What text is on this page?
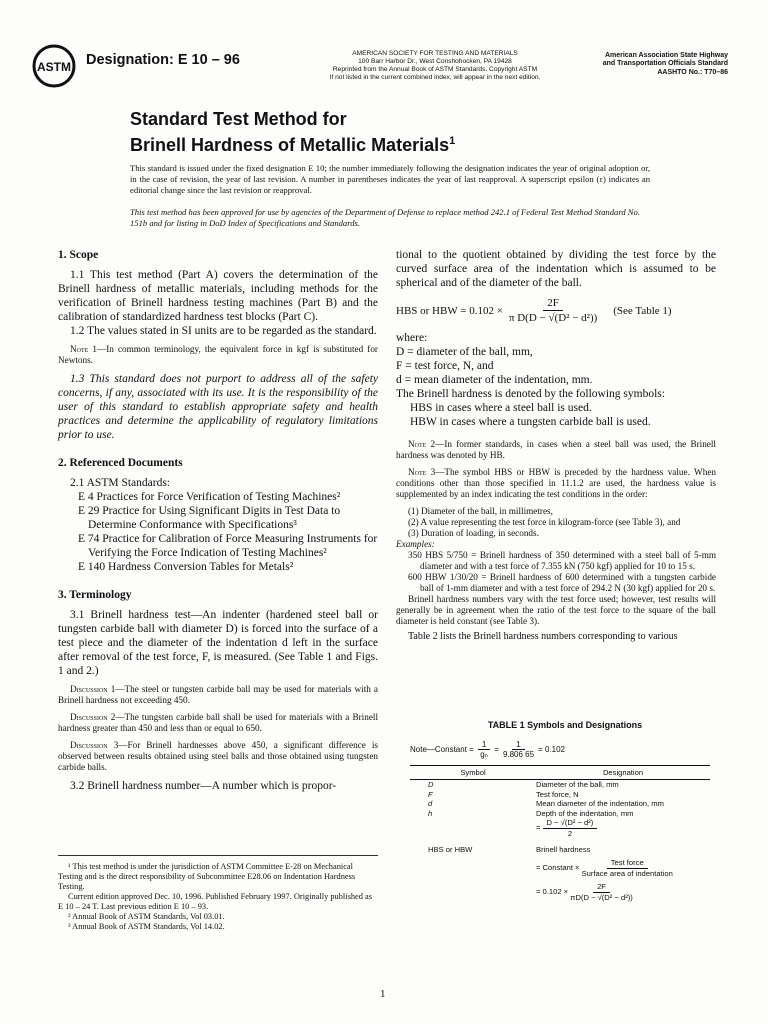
ASTM Designation: E 10 – 96	AMERICAN SOCIETY FOR TESTING AND MATERIALS
100 Barr Harbor Dr., West Conshohocken, PA 19428
Reprinted from the Annual Book of ASTM Standards. Copyright ASTM
If not listed in the current combined index, will appear in the next edition.
American Association State Highway
and Transportation Officials Standard
AASHTO No.: T70–86
Standard Test Method for
Brinell Hardness of Metallic Materials$^1$
This standard is issued under the fixed designation E 10; the number immediately following the designation indicates the year of original adoption or, in the case of revision, the year of last revision. A number in parentheses indicates the year of last reapproval. A superscript epsilon (ε) indicates an editorial change since the last revision or reapproval.
This test method has been approved for use by agencies of the Department of Defense to replace method 242.1 of Federal Test Method Standard No. 151b and for listing in DoD Index of Specifications and Standards.

1. Scope

1.1 This test method (Part A) covers the determination of the Brinell hardness of metallic materials, including methods for the verification of Brinell hardness testing machines (Part B) and the calibration of standardized hardness test blocks (Part C).

1.2 The values stated in SI units are to be regarded as the standard.

Note 1—In common terminology, the equivalent force in kgf is substituted for Newtons.

1.3 This standard does not purport to address all of the safety concerns, if any, associated with its use. It is the responsibility of the user of this standard to establish appropriate safety and health practices and determine the applicability of regulatory limitations prior to use.

2. Referenced Documents

2.1 ASTM Standards:

E 4 Practices for Force Verification of Testing Machines²

E 29 Practice for Using Significant Digits in Test Data to Determine Conformance with Specifications³

E 74 Practice for Calibration of Force Measuring Instruments for Verifying the Force Indication of Testing Machines²

E 140 Hardness Conversion Tables for Metals²

3. Terminology

3.1 Brinell hardness test—An indenter (hardened steel ball or tungsten carbide ball with diameter D) is forced into the surface of a test piece and the diameter of the indentation d left in the surface after removal of the test force, F, is measured. (See Table 1 and Figs. 1 and 2.)

Discussion 1—The steel or tungsten carbide ball may be used for materials with a Brinell hardness not exceeding 450.

Discussion 2—The tungsten carbide ball shall be used for materials with a Brinell hardness greater than 450 and less than or equal to 650.

Discussion 3—For Brinell hardnesses above 450, a significant difference is observed between results obtained using steel balls and those obtained using tungsten carbide balls.

3.2 Brinell hardness number—A number which is propor-

¹ This test method is under the jurisdiction of ASTM Committee E-28 on Mechanical Testing and is the direct responsibility of Subcommittee E28.06 on Indentation Hardness Testing.

Current edition approved Dec. 10, 1996. Published February 1997. Originally published as E 10 – 24 T. Last previous edition E 10 – 93.

² Annual Book of ASTM Standards, Vol 03.01.

³ Annual Book of ASTM Standards, Vol 14.02.

tional to the quotient obtained by dividing the test force by the curved surface area of the indentation which is assumed to be spherical and of the diameter of the ball.

HBS or HBW = $0.102 \times \frac{2F}{\text{π D(D − √(D² − d²))}} (See$ Table 1)

where:

D = diameter of the ball, mm,

F = test force, N, and

d = mean diameter of the indentation, mm.

The Brinell hardness is denoted by the following symbols:

HBS in cases where a steel ball is used.

HBW in cases where a tungsten carbide ball is used.

Note 2—In former standards, in cases when a steel ball was used, the Brinell hardness was denoted by HB.

Note 3—The symbol HBS or HBW is preceded by the hardness value. When conditions other than those specified in 11.1.2 are used, the hardness value is supplemented by an index indicating the test conditions in the order:

(1) Diameter of the ball, in millimetres,

(2) A value representing the test force in kilogram-force (see Table 3), and

(3) Duration of loading, in seconds.

Examples:

350 HBS 5/750 = Brinell hardness of 350 determined with a steel ball of 5-mm diameter and with a test force of 7.355 kN (750 kgf) applied for 10 to 15 s.

600 HBW 1/30/20 = Brinell hardness of 600 determined with a tungsten carbide ball of 1-mm diameter and with a test force of 294.2 N (30 kgf) applied for 20 s.

Brinell hardness numbers vary with the test force used; however, test results will generally be in agreement when the ratio of the test force to the square of the ball diameter is held constant (see Table 3).

Table 2 lists the Brinell hardness numbers corresponding to various

TABLE 1 Symbols and Designations
Note—Constant = $\frac{1}{\text{gₙ}} = \frac{1}{9.806 65} = 0.102$
Symbol	Designation
D	Diameter of the ball, mm
F	Test force, N
d	Mean diameter of the indentation, mm
h	Depth of the indentation, mm
	= $\frac{\text{D − √(D² − d²)}}{2}$

HBS or HBW	Brinell hardness
	= Constant × $\frac{\text{Test force}}{\text{Surface area of indentation}}$

	= $0.102 \times \frac{2F}{\text{πD(D − √(D² − d²))}}$
1
